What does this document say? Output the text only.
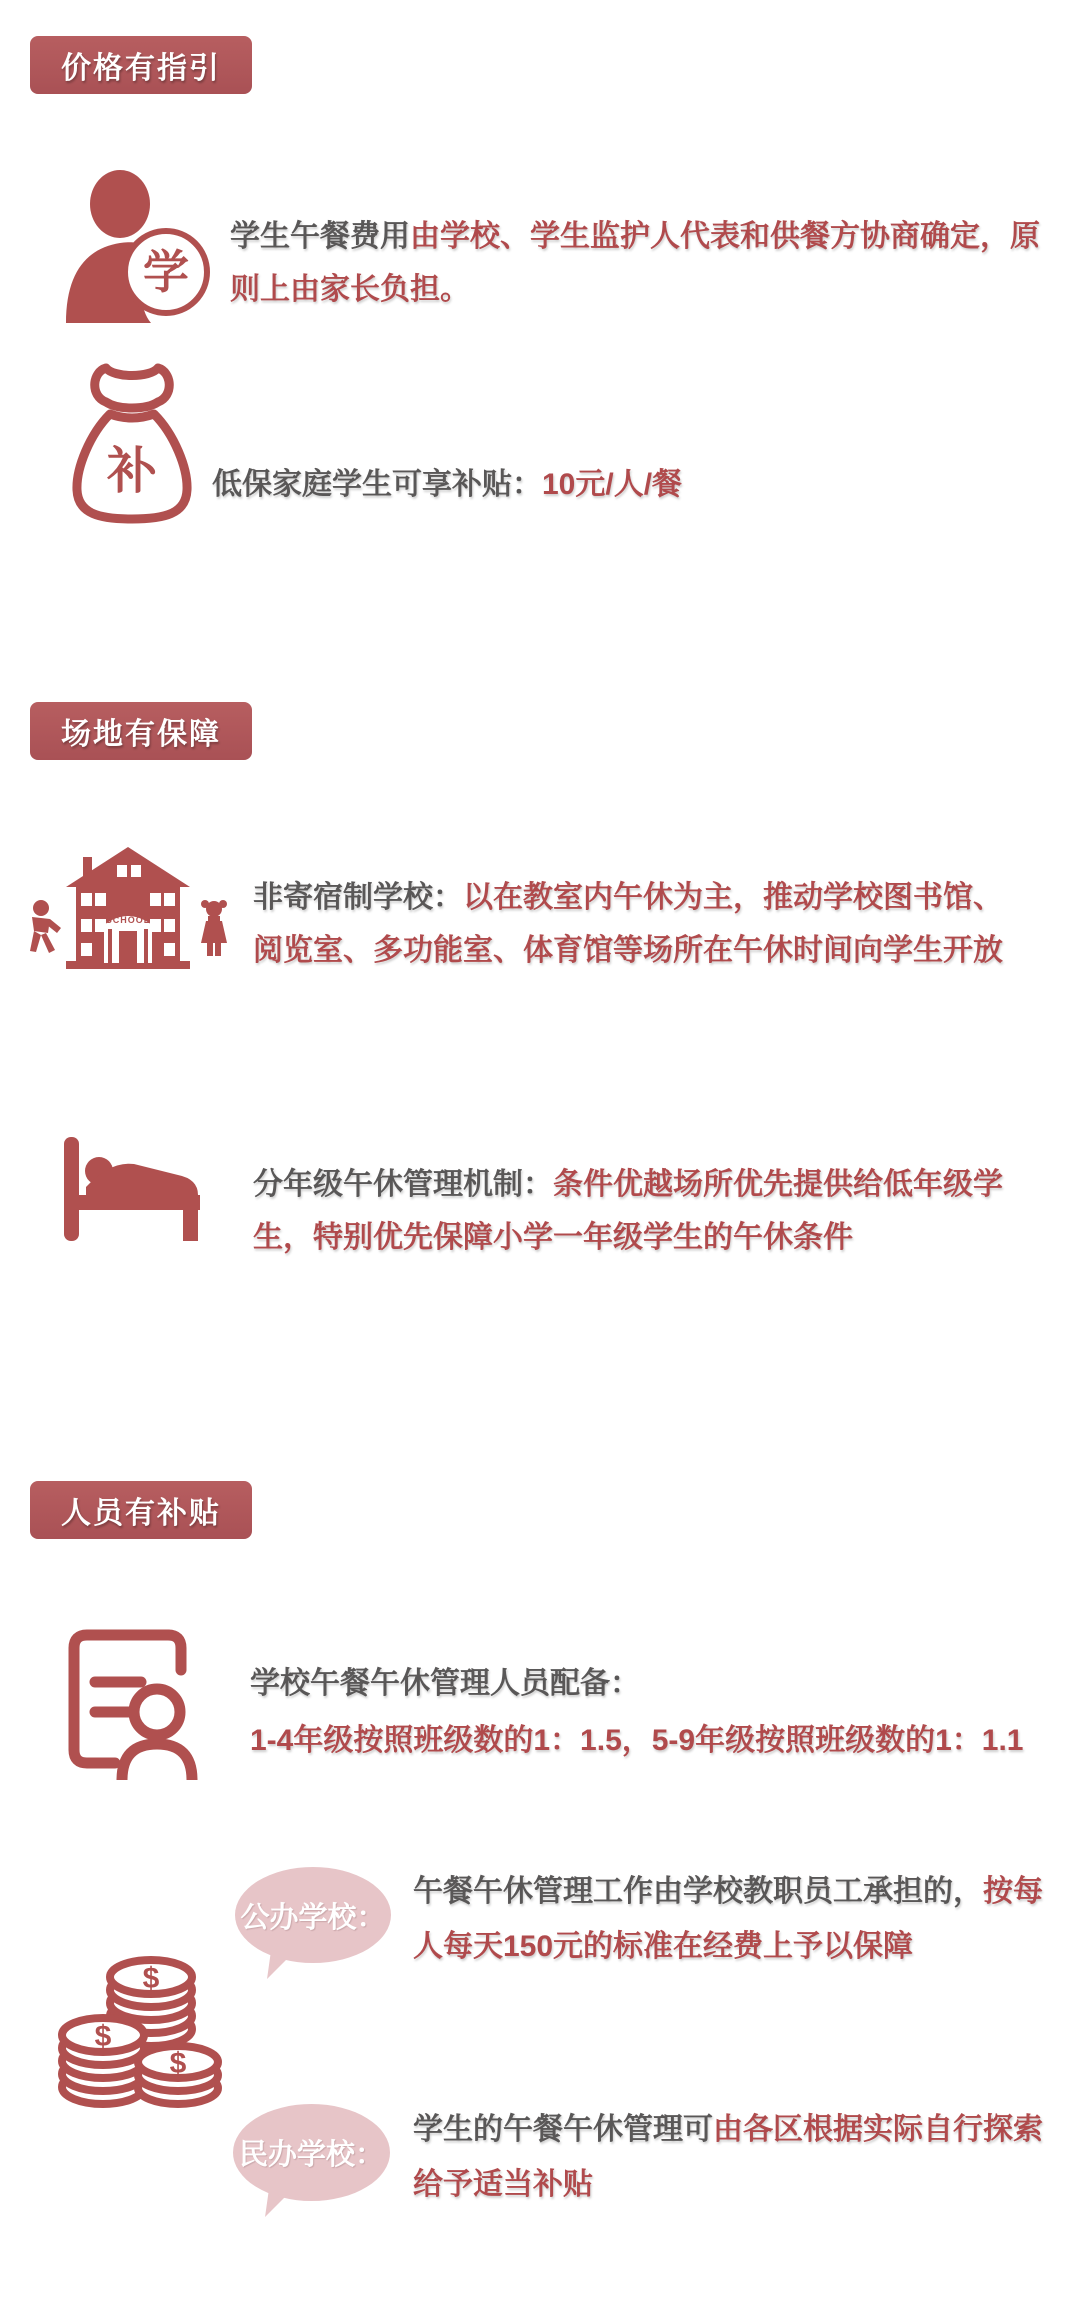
价格有指引
学
学生午餐费用由学校、学生监护人代表和供餐方协商确定，原则上由家长负担。
补 低保家庭学生可享补贴：10元/人/餐
场地有保障
SCHOOL
非寄宿制学校：以在教室内午休为主，推动学校图书馆、阅览室、多功能室、体育馆等场所在午休时间向学生开放
分年级午休管理机制：条件优越场所优先提供给低年级学生，特别优先保障小学一年级学生的午休条件
人员有补贴
学校午餐午休管理人员配备：
1-4年级按照班级数的1：1.5，5-9年级按照班级数的1：1.1
$
$
$
公办学校：
午餐午休管理工作由学校教职员工承担的，按每人每天150元的标准在经费上予以保障
民办学校：
学生的午餐午休管理可由各区根据实际自行探索给予适当补贴
